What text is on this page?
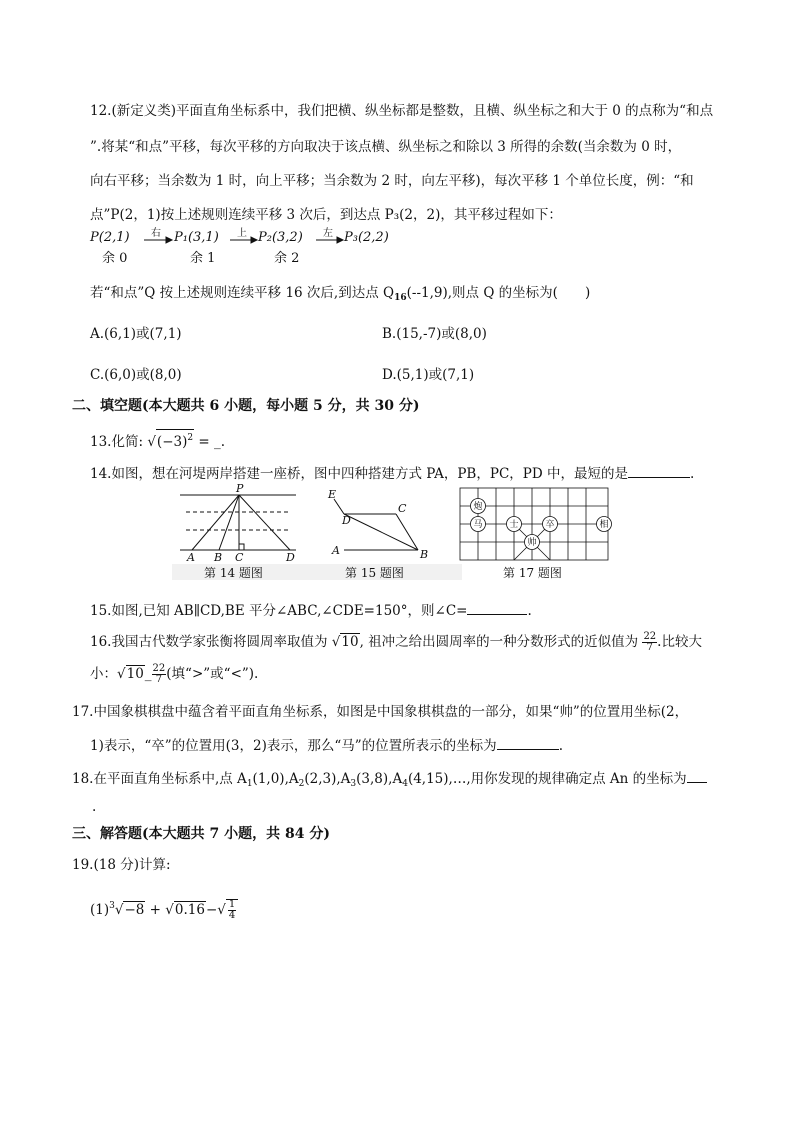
12.(新定义类)平面直角坐标系中，我们把横、纵坐标都是整数，且横、纵坐标之和大于 0 的点称为“和点
”.将某“和点”平移，每次平移的方向取决于该点横、纵坐标之和除以 3 所得的余数(当余数为 0 时，
向右平移；当余数为 1 时，向上平移；当余数为 2 时，向左平移)，每次平移 1 个单位长度，例：“和
点”P(2，1)按上述规则连续平移 3 次后，到达点 P₃(2，2)，其平移过程如下：
P(2,1)	P₁(3,1)	P₂(3,2)	P₃(2,2)
右	上	左
余 0	余 1	余 2
若“和点”Q 按上述规则连续平移 16 次后,到达点 $Q_{16}(--1,9)$,则点 Q 的坐标为(　　)
A.(6,1)或(7,1)	B.(15,-7)或(8,0)
C.(6,0)或(8,0)	D.(5,1)或(7,1)
二、填空题(本大题共 6 小题，每小题 5 分，共 30 分)
13.化简: $√(-3)^2$ = _.
14.如图，想在河堤两岸搭建一座桥，图中四种搭建方式 PA，PB，PC，PD 中，最短的是	.
P
A B C	D
第 14 题图
E
C
D
A	B
第 15 题图
炮
马	士	卒	相
帅
第 17 题图
15.如图,已知 AB∥CD,BE 平分∠ABC,∠CDE=150°，则∠C=	.
16.我国古代数学家张衡将圆周率取值为 √10, 祖冲之给出圆周率的一种分数形式的近似值为 $\frac{22}{7}$ .比较大
小：√10_ $\frac{22}{7}$ (填“>”或“<”).
17.中国象棋棋盘中蕴含着平面直角坐标系，如图是中国象棋棋盘的一部分，如果“帅”的位置用坐标(2，
1)表示，“卒”的位置用(3，2)表示，那么“马”的位置所表示的坐标为	.
18.在平面直角坐标系中,点 $A_1(1,0),A_2(2,3),A_3(3,8),A_4(4,15),\dots$,用你发现的规律确定点 An 的坐标为
.
三、解答题(本大题共 7 小题，共 84 分)
19.(18 分)计算:
$(1)^3√-8 + √0.16-√ \frac{1}{4}$
